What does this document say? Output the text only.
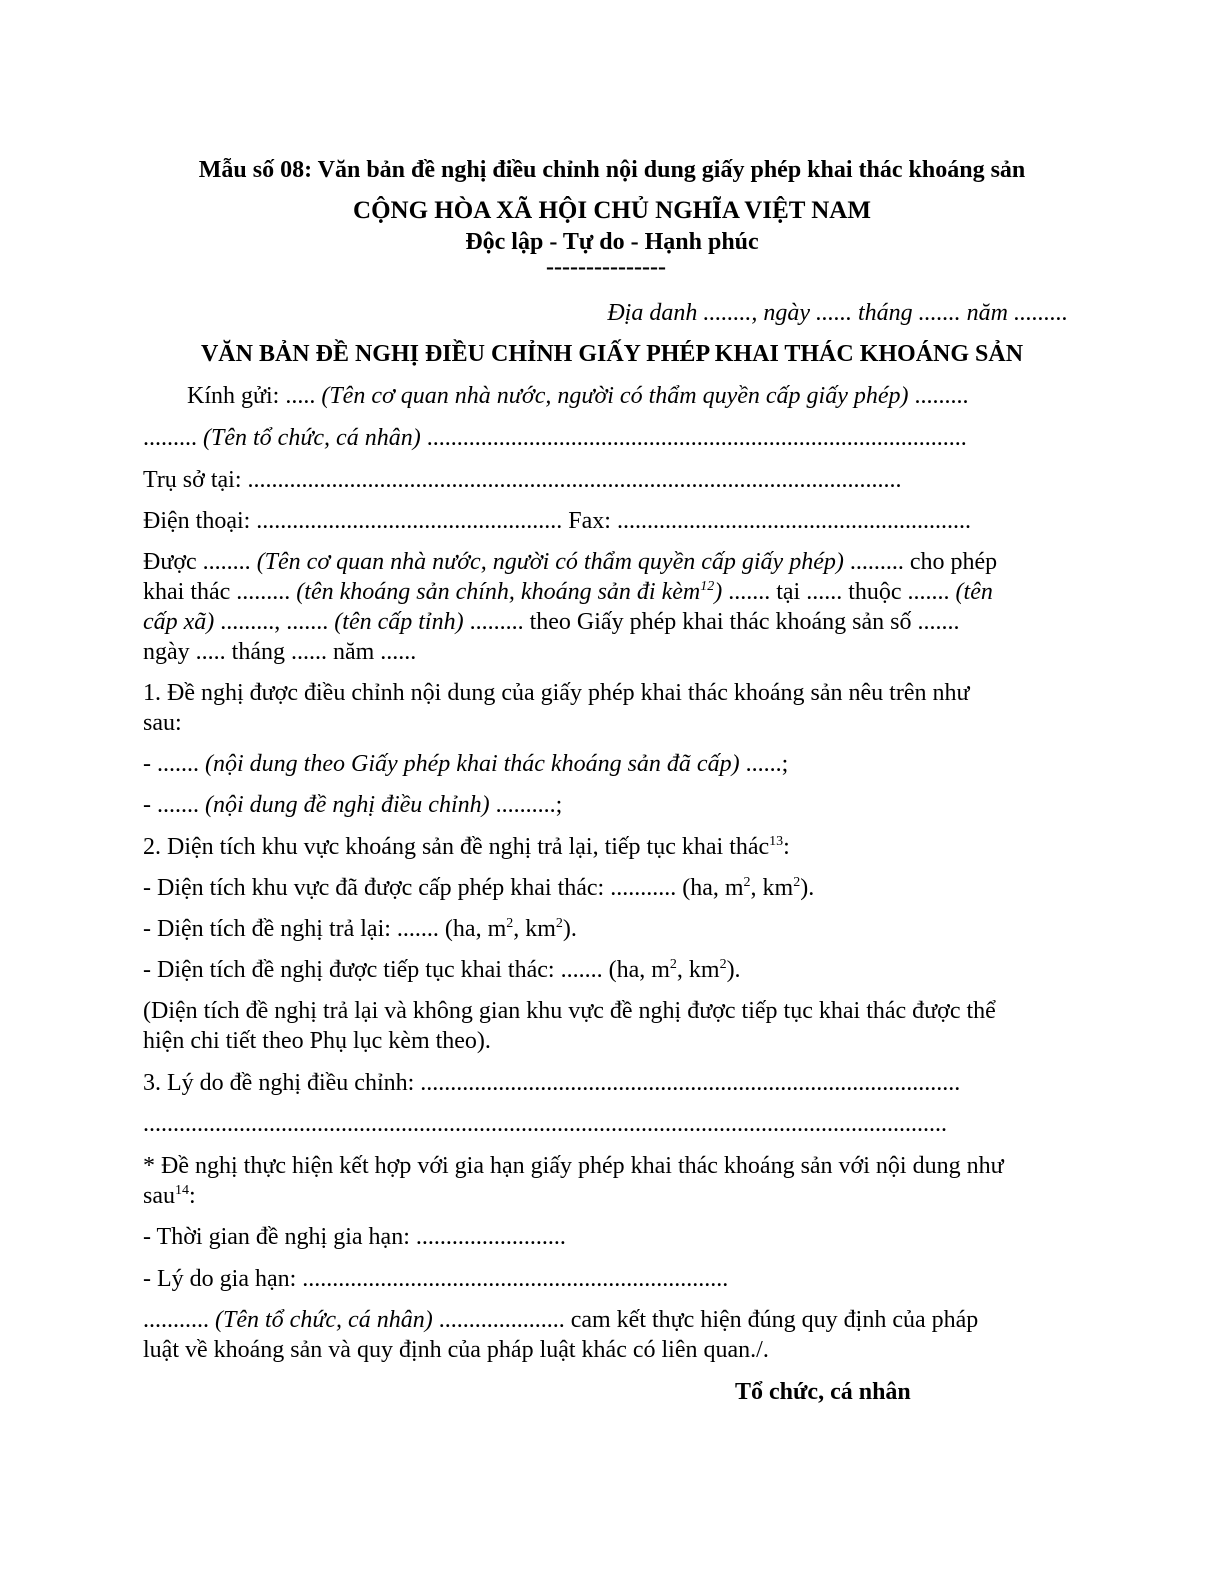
Mẫu số 08: Văn bản đề nghị điều chỉnh nội dung giấy phép khai thác khoáng sản
CỘNG HÒA XÃ HỘI CHỦ NGHĨA VIỆT NAM
Độc lập - Tự do - Hạnh phúc
---------------
Địa danh ........, ngày ...... tháng ....... năm .........
VĂN BẢN ĐỀ NGHỊ ĐIỀU CHỈNH GIẤY PHÉP KHAI THÁC KHOÁNG SẢN
Kính gửi: ..... (Tên cơ quan nhà nước, người có thẩm quyền cấp giấy phép) .........
......... (Tên tổ chức, cá nhân) ..........................................................................................
Trụ sở tại: .............................................................................................................
Điện thoại: ................................................... Fax: ...........................................................
Được ........ (Tên cơ quan nhà nước, người có thẩm quyền cấp giấy phép) ......... cho phép
khai thác ......... (tên khoáng sản chính, khoáng sản đi kèm$^{12}$) ....... tại ...... thuộc ....... (tên
cấp xã) ........., ....... (tên cấp tỉnh) ......... theo Giấy phép khai thác khoáng sản số .......
ngày ..... tháng ...... năm ......
1. Đề nghị được điều chỉnh nội dung của giấy phép khai thác khoáng sản nêu trên như
sau:
- ....... (nội dung theo Giấy phép khai thác khoáng sản đã cấp) ......;
- ....... (nội dung đề nghị điều chỉnh) ..........;
2. Diện tích khu vực khoáng sản đề nghị trả lại, tiếp tục khai thác$^{13}$:
- Diện tích khu vực đã được cấp phép khai thác: ........... (ha, $m^2$, $km^2$).
- Diện tích đề nghị trả lại: ....... (ha, $m^2$, $km^2$).
- Diện tích đề nghị được tiếp tục khai thác: ....... (ha, $m^2$, $km^2$).
(Diện tích đề nghị trả lại và không gian khu vực đề nghị được tiếp tục khai thác được thể
hiện chi tiết theo Phụ lục kèm theo).
3. Lý do đề nghị điều chỉnh: ..........................................................................................
......................................................................................................................................
* Đề nghị thực hiện kết hợp với gia hạn giấy phép khai thác khoáng sản với nội dung như
sau$^{14}$:
- Thời gian đề nghị gia hạn: .........................
- Lý do gia hạn: .......................................................................
........... (Tên tổ chức, cá nhân) ..................... cam kết thực hiện đúng quy định của pháp
luật về khoáng sản và quy định của pháp luật khác có liên quan./.
Tổ chức, cá nhân
